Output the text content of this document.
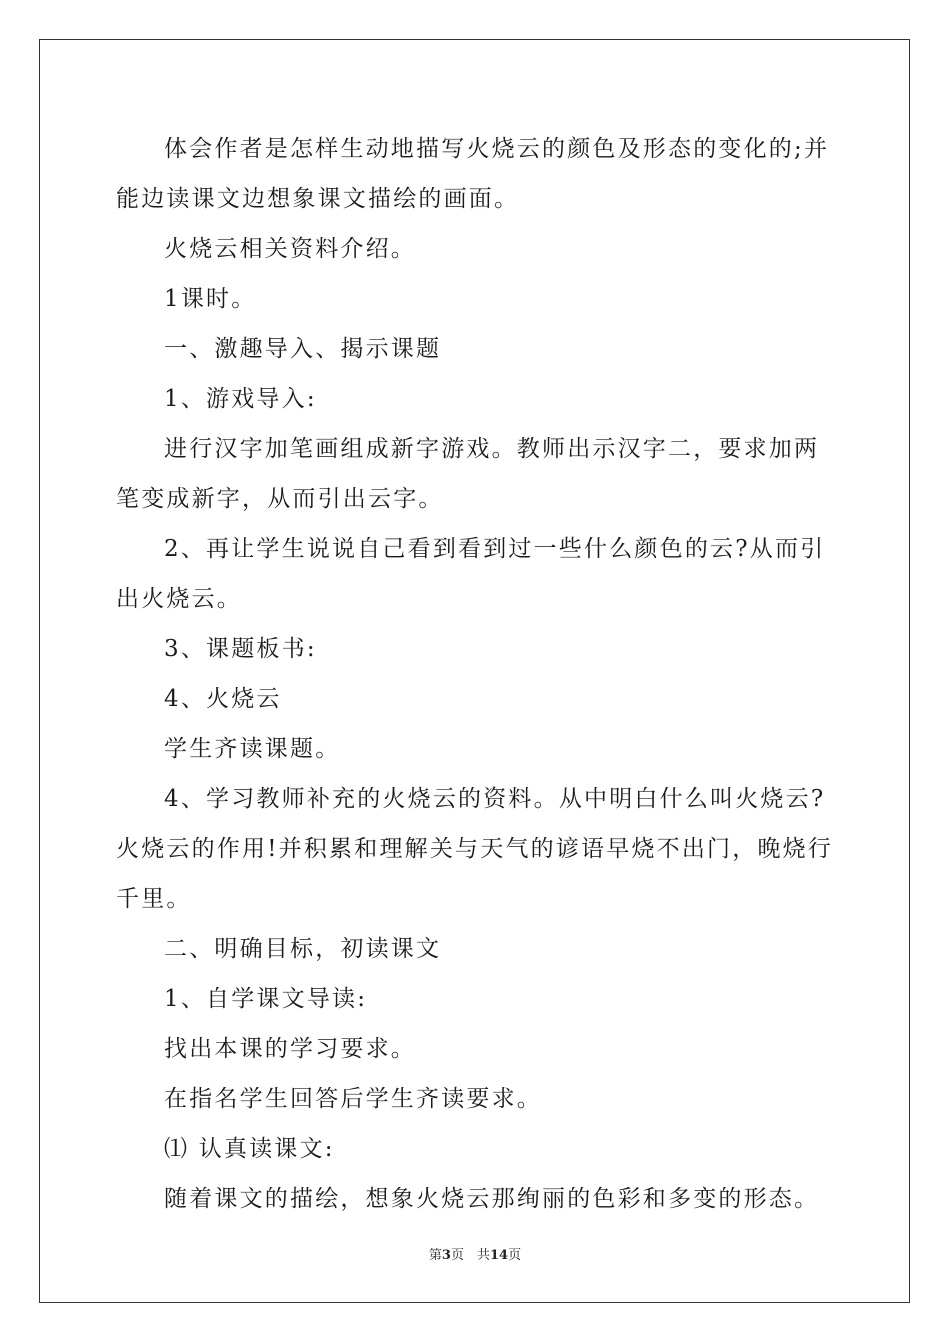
体会作者是怎样生动地描写火烧云的颜色及形态的变化的;并能边读课文边想象课文描绘的画面。

火烧云相关资料介绍。

1课时。

一、激趣导入、揭示课题

1、游戏导入:

进行汉字加笔画组成新字游戏。教师出示汉字二，要求加两笔变成新字，从而引出云字。

2、再让学生说说自己看到看到过一些什么颜色的云?从而引出火烧云。

3、课题板书:

4、火烧云

学生齐读课题。

4、学习教师补充的火烧云的资料。从中明白什么叫火烧云?火烧云的作用!并积累和理解关与天气的谚语早烧不出门，晚烧行千里。

二、明确目标，初读课文

1、自学课文导读:

找出本课的学习要求。

在指名学生回答后学生齐读要求。

⑴ 认真读课文:

随着课文的描绘，想象火烧云那绚丽的色彩和多变的形态。

第3页　共14页
